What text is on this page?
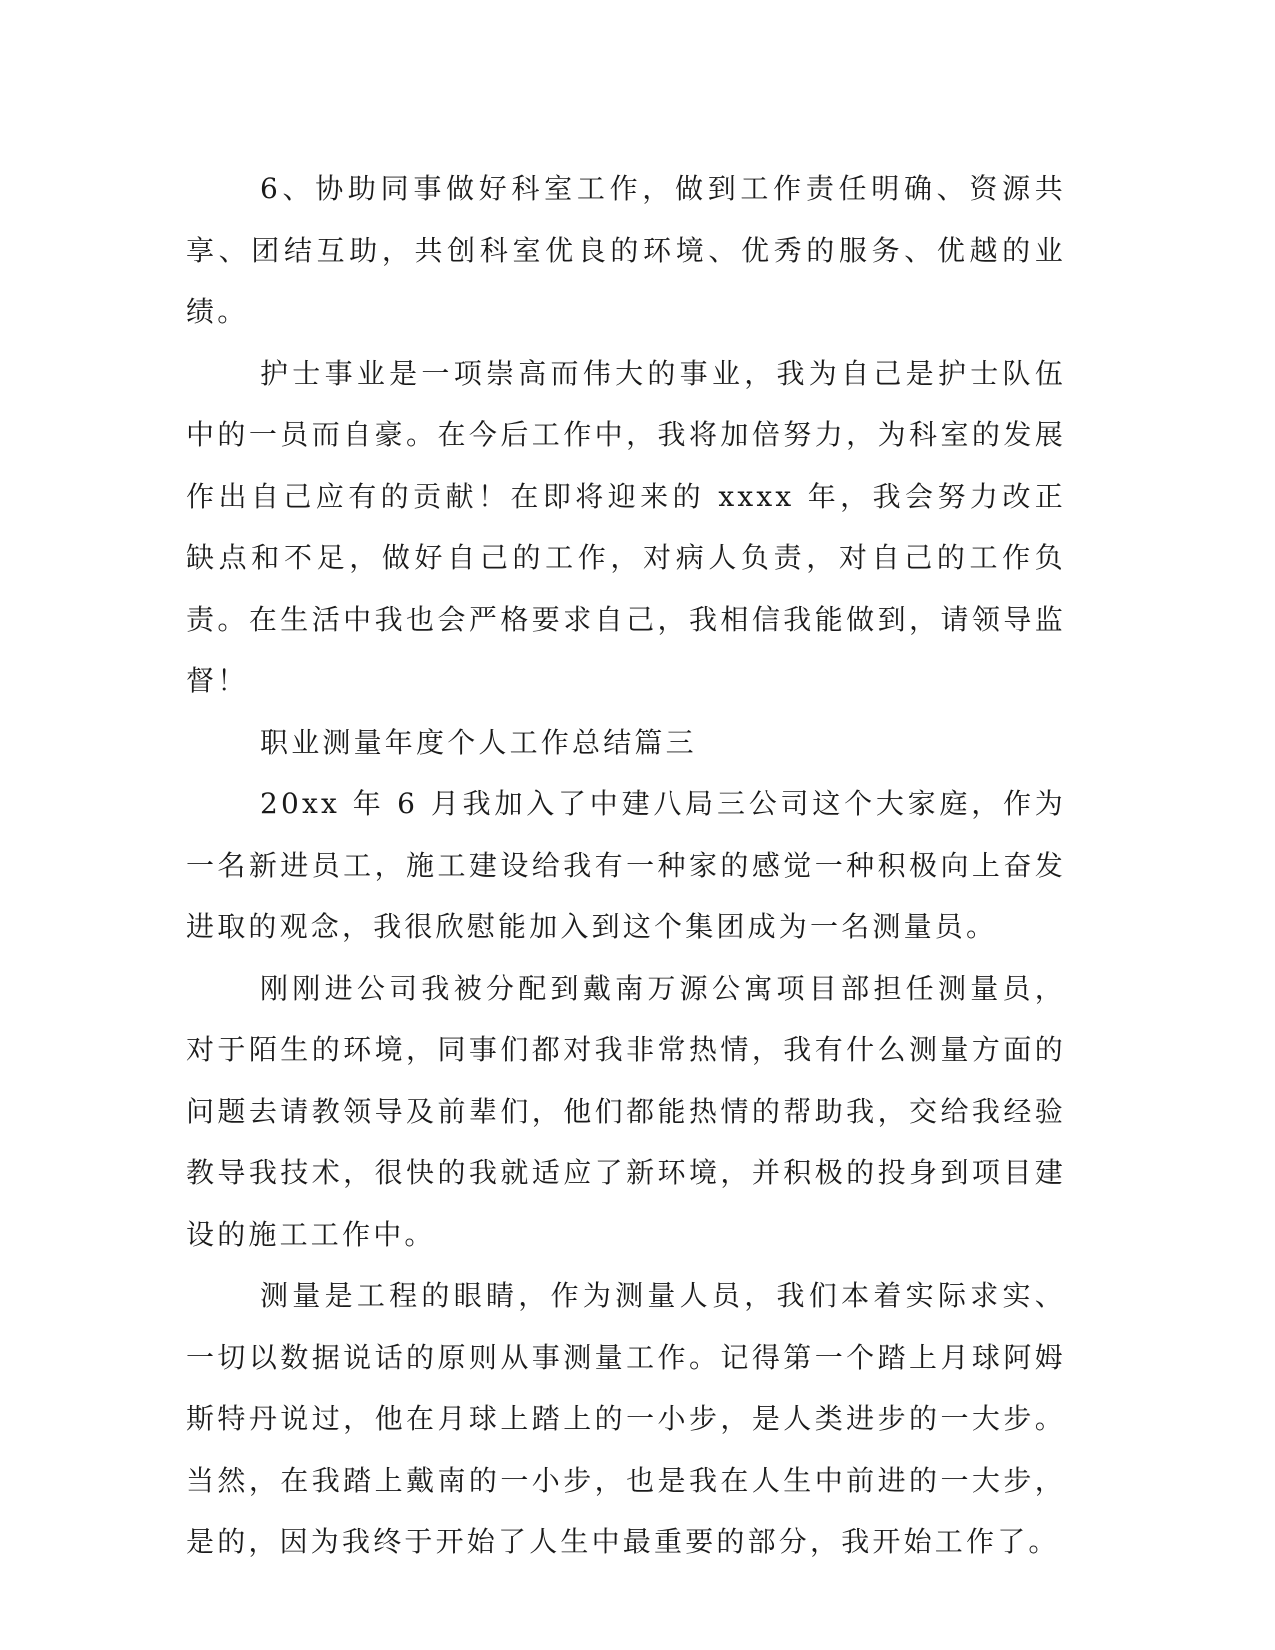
6、协助同事做好科室工作，做到工作责任明确、资源共享、团结互助，共创科室优良的环境、优秀的服务、优越的业绩。

护士事业是一项崇高而伟大的事业，我为自己是护士队伍中的一员而自豪。在今后工作中，我将加倍努力，为科室的发展作出自己应有的贡献！在即将迎来的 xxxx 年，我会努力改正缺点和不足，做好自己的工作，对病人负责，对自己的工作负责。在生活中我也会严格要求自己，我相信我能做到，请领导监督！

职业测量年度个人工作总结篇三

20xx 年 6 月我加入了中建八局三公司这个大家庭，作为一名新进员工，施工建设给我有一种家的感觉一种积极向上奋发进取的观念，我很欣慰能加入到这个集团成为一名测量员。

刚刚进公司我被分配到戴南万源公寓项目部担任测量员，对于陌生的环境，同事们都对我非常热情，我有什么测量方面的问题去请教领导及前辈们，他们都能热情的帮助我，交给我经验教导我技术，很快的我就适应了新环境，并积极的投身到项目建设的施工工作中。

测量是工程的眼睛，作为测量人员，我们本着实际求实、一切以数据说话的原则从事测量工作。记得第一个踏上月球阿姆斯特丹说过，他在月球上踏上的一小步，是人类进步的一大步。当然，在我踏上戴南的一小步，也是我在人生中前进的一大步，是的，因为我终于开始了人生中最重要的部分，我开始工作了。
